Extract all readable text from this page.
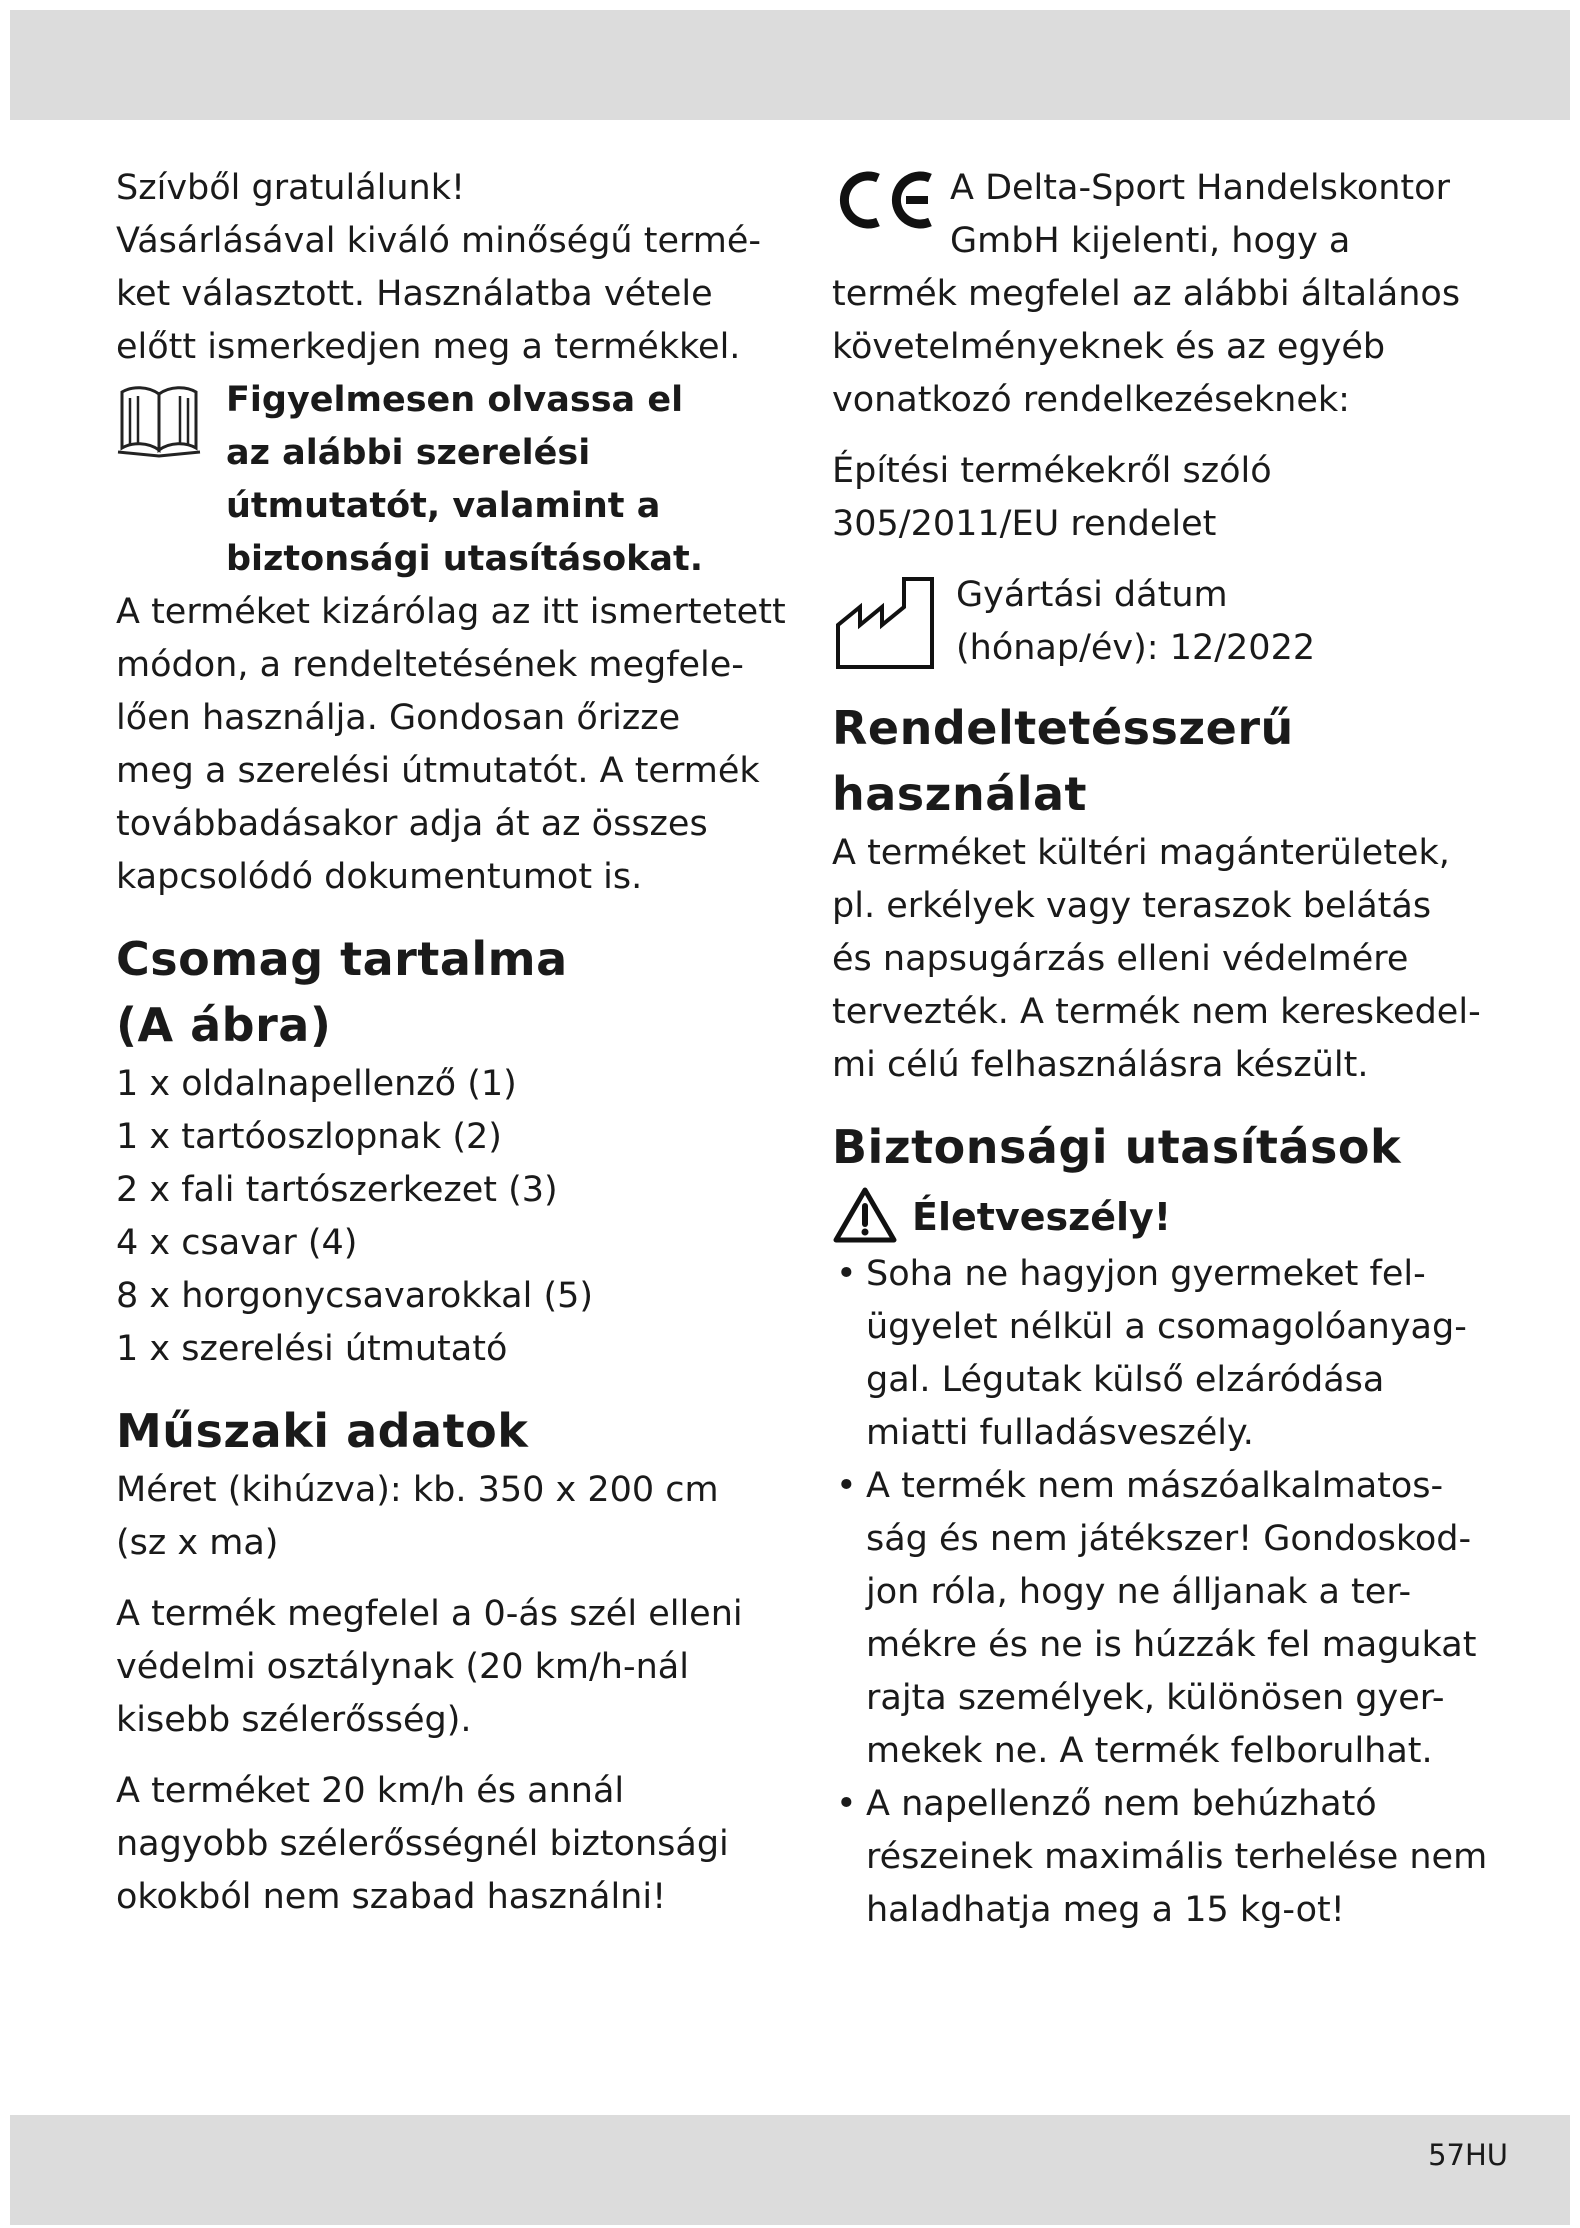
Szívből gratulálunk!

Vásárlásával kiváló minőségű termé-

ket választott. Használatba vétele

előtt ismerkedjen meg a termékkel.

Figyelmesen olvassa el

az alábbi szerelési

útmutatót, valamint a

biztonsági utasításokat.

A terméket kizárólag az itt ismertetett

módon, a rendeltetésének megfele-

lően használja. Gondosan őrizze

meg a szerelési útmutatót. A termék

továbbadásakor adja át az összes

kapcsolódó dokumentumot is.

Csomag tartalma
(A ábra)

1 x oldalnapellenző (1)

1 x tartóoszlopnak (2)

2 x fali tartószerkezet (3)

4 x csavar (4)

8 x horgonycsavarokkal (5)

1 x szerelési útmutató

Műszaki adatok

Méret (kihúzva): kb. 350 x 200 cm

(sz x ma)

A termék megfelel a 0-ás szél elleni

védelmi osztálynak (20 km/h-nál

kisebb szélerősség).

A terméket 20 km/h és annál

nagyobb szélerősségnél biztonsági

okokból nem szabad használni!

A Delta-Sport Handelskontor

GmbH kijelenti, hogy a

termék megfelel az alábbi általános

követelményeknek és az egyéb

vonatkozó rendelkezéseknek:

Építési termékekről szóló

305/2011/EU rendelet

Gyártási dátum

(hónap/év): 12/2022

Rendeltetésszerű
használat

A terméket kültéri magánterületek,

pl. erkélyek vagy teraszok belátás

és napsugárzás elleni védelmére

tervezték. A termék nem kereskedel-

mi célú felhasználásra készült.

Biztonsági utasítások

Életveszély!

• Soha ne hagyjon gyermeket fel-

ügyelet nélkül a csomagolóanyag-

gal. Légutak külső elzáródása

miatti fulladásveszély.

• A termék nem mászóalkalmatos-

ság és nem játékszer! Gondoskod-

jon róla, hogy ne álljanak a ter-

mékre és ne is húzzák fel magukat

rajta személyek, különösen gyer-

mekek ne. A termék felborulhat.

• A napellenző nem behúzható

részeinek maximális terhelése nem

haladhatja meg a 15 kg-ot!

57HU
